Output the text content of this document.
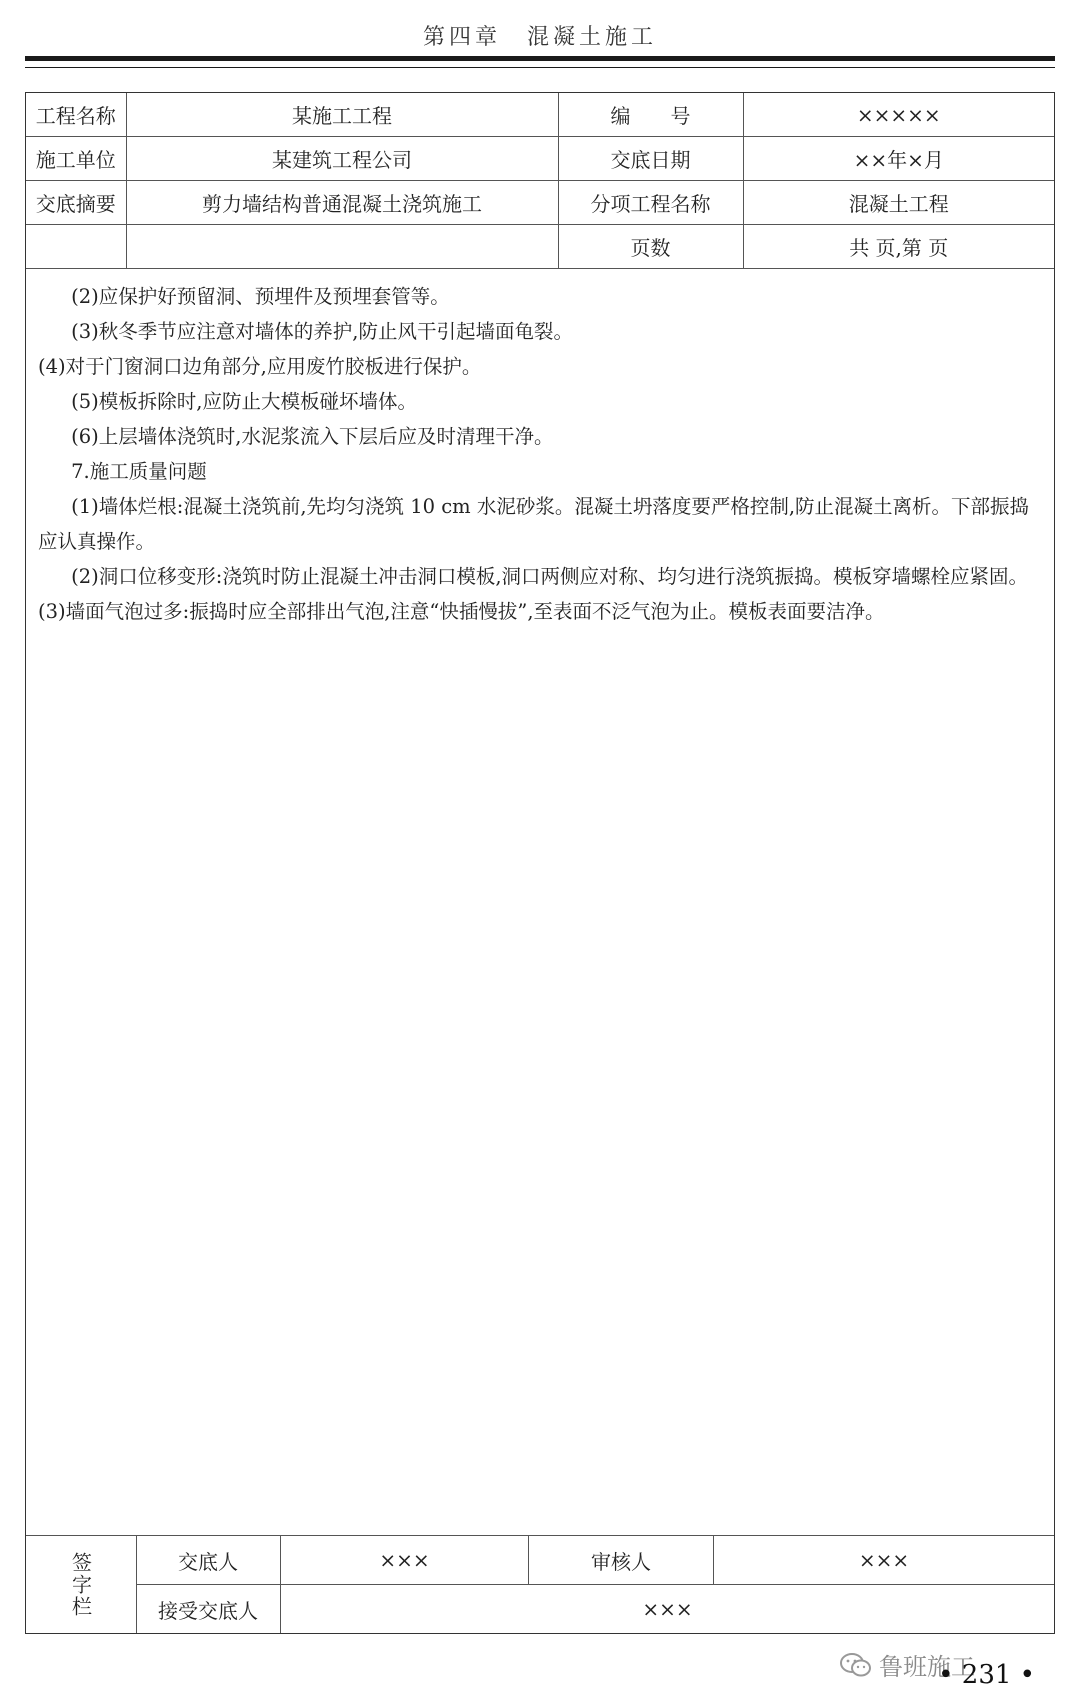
第四章　混凝土施工
工程名称	某施工工程	编　　号	×××××
施工单位	某建筑工程公司	交底日期	××年×月
交底摘要	剪力墙结构普通混凝土浇筑施工	分项工程名称	混凝土工程
		页数	共 页,第 页

(2)应保护好预留洞、预埋件及预埋套管等。

(3)秋冬季节应注意对墙体的养护,防止风干引起墙面龟裂。

(4)对于门窗洞口边角部分,应用废竹胶板进行保护。

(5)模板拆除时,应防止大模板碰坏墙体。

(6)上层墙体浇筑时,水泥浆流入下层后应及时清理干净。

7.施工质量问题

(1)墙体烂根:混凝土浇筑前,先均匀浇筑 10 cm 水泥砂浆。混凝土坍落度要严格控制,防止混凝土离析。下部振捣应认真操作。

(2)洞口位移变形:浇筑时防止混凝土冲击洞口模板,洞口两侧应对称、均匀进行浇筑振捣。模板穿墙螺栓应紧固。

(3)墙面气泡过多:振捣时应全部排出气泡,注意“快插慢拔”,至表面不泛气泡为止。模板表面要洁净。

签字栏	交底人	×××	审核人	×××
接受交底人	×××
鲁班施工
• 231 •
